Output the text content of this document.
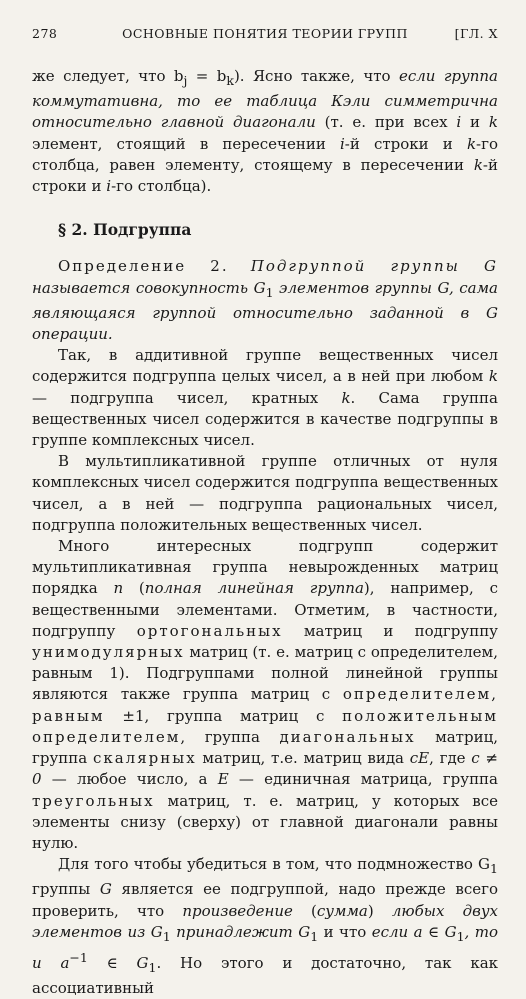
278	ОСНОВНЫЕ ПОНЯТИЯ ТЕОРИИ ГРУПП	[ГЛ. X

же следует, что $b_j = b_k$). Ясно также, что если группа коммутативна, то ее таблица Кэли симметрична относительно главной диагонали (т. е. при всех i и k элемент, стоящий в пересечении i-й строки и k-го столбца, равен элементу, стоящему в пересечении k-й строки и i-го столбца).

§ 2. Подгруппа

Определение 2. Подгруппой группы G называется совокупность $G_1$ элементов группы G, сама являющаяся группой относительно заданной в G операции.

Так, в аддитивной группе вещественных чисел содержится подгруппа целых чисел, а в ней при любом k — подгруппа чисел, кратных k. Сама группа вещественных чисел содержится в качестве подгруппы в группе комплексных чисел.

В мультипликативной группе отличных от нуля комплексных чисел содержится подгруппа вещественных чисел, а в ней — подгруппа рациональных чисел, подгруппа положительных вещественных чисел.

Много интересных подгрупп содержит мультипликативная группа невырожденных матриц порядка n (полная линейная группа), например, с вещественными элементами. Отметим, в частности, подгруппу ортогональных матриц и подгруппу унимодулярных матриц (т. е. матриц с определителем, равным 1). Подгруппами полной линейной группы являются также группа матриц с определителем, равным ±1, группа матриц с положительным определителем, группа диагональных матриц, группа скалярных матриц, т.е. матриц вида cE, где c ≠ 0 — любое число, а E — единичная матрица, группа треугольных матриц, т. е. матриц, у которых все элементы снизу (сверху) от главной диагонали равны нулю.

Для того чтобы убедиться в том, что подмножество $G_1$ группы G является ее подгруппой, надо прежде всего проверить, что произведение (сумма) любых двух элементов из $G_1$ принадлежит $G_1$ и что если a ∈ $G_1$, то и $a^{-1}$ ∈ $G_1$. Но этого и достаточно, так как ассоциативный
